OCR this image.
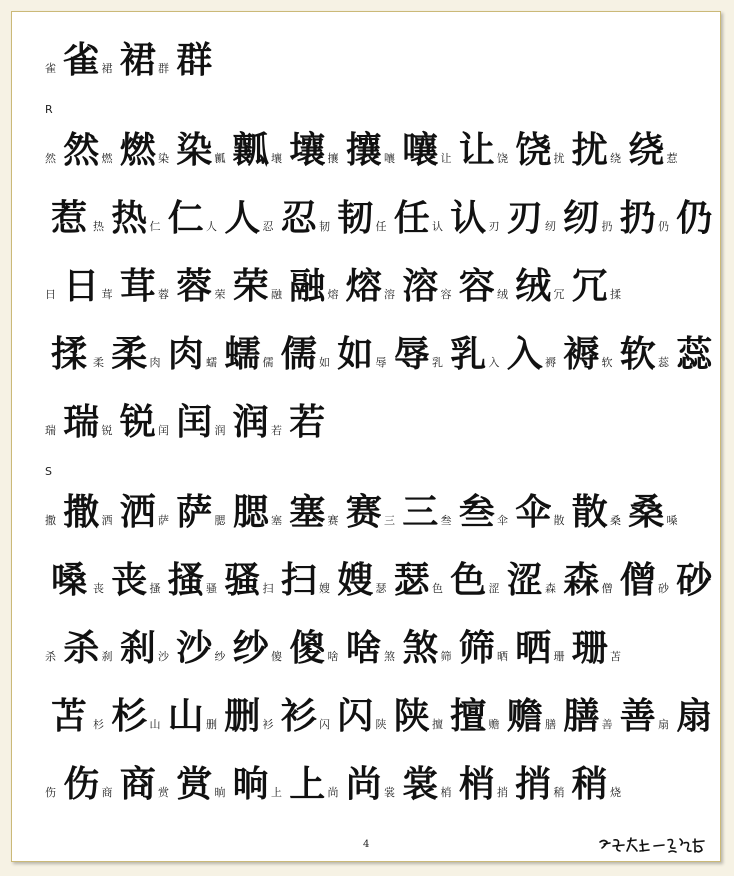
雀 雀 裙 裙 群 群
R
然 然 燃 燃 染 染 瓤 瓤 壤 壤 攘 攘 嚷 嚷 让 让 饶 饶 扰 扰 绕 绕 惹
惹 热 热 仁 仁 人 人 忍 忍 韧 韧 任 任 认 认 刃 刃 纫 纫 扔 扔 仍 仍
日 日 茸 茸 蓉 蓉 荣 荣 融 融 熔 熔 溶 溶 容 容 绒 绒 冗 冗 揉
揉 柔 柔 肉 肉 蠕 蠕 儒 儒 如 如 辱 辱 乳 乳 入 入 褥 褥 软 软 蕊 蕊
瑞 瑞 锐 锐 闰 闰 润 润 若 若
S
撒 撒 洒 洒 萨 萨 腮 腮 塞 塞 赛 赛 三 三 叁 叁 伞 伞 散 散 桑 桑 嗓
嗓 丧 丧 搔 搔 骚 骚 扫 扫 嫂 嫂 瑟 瑟 色 色 涩 涩 森 森 僧 僧 砂 砂
杀 杀 刹 刹 沙 沙 纱 纱 傻 傻 啥 啥 煞 煞 筛 筛 晒 晒 珊 珊 苫
苫 杉 杉 山 山 删 删 衫 衫 闪 闪 陕 陕 擅 擅 赡 赡 膳 膳 善 善 扇 扇
伤 伤 商 商 赏 赏 晌 晌 上 上 尚 尚 裳 裳 梢 梢 捎 捎 稍 稍 烧
4
